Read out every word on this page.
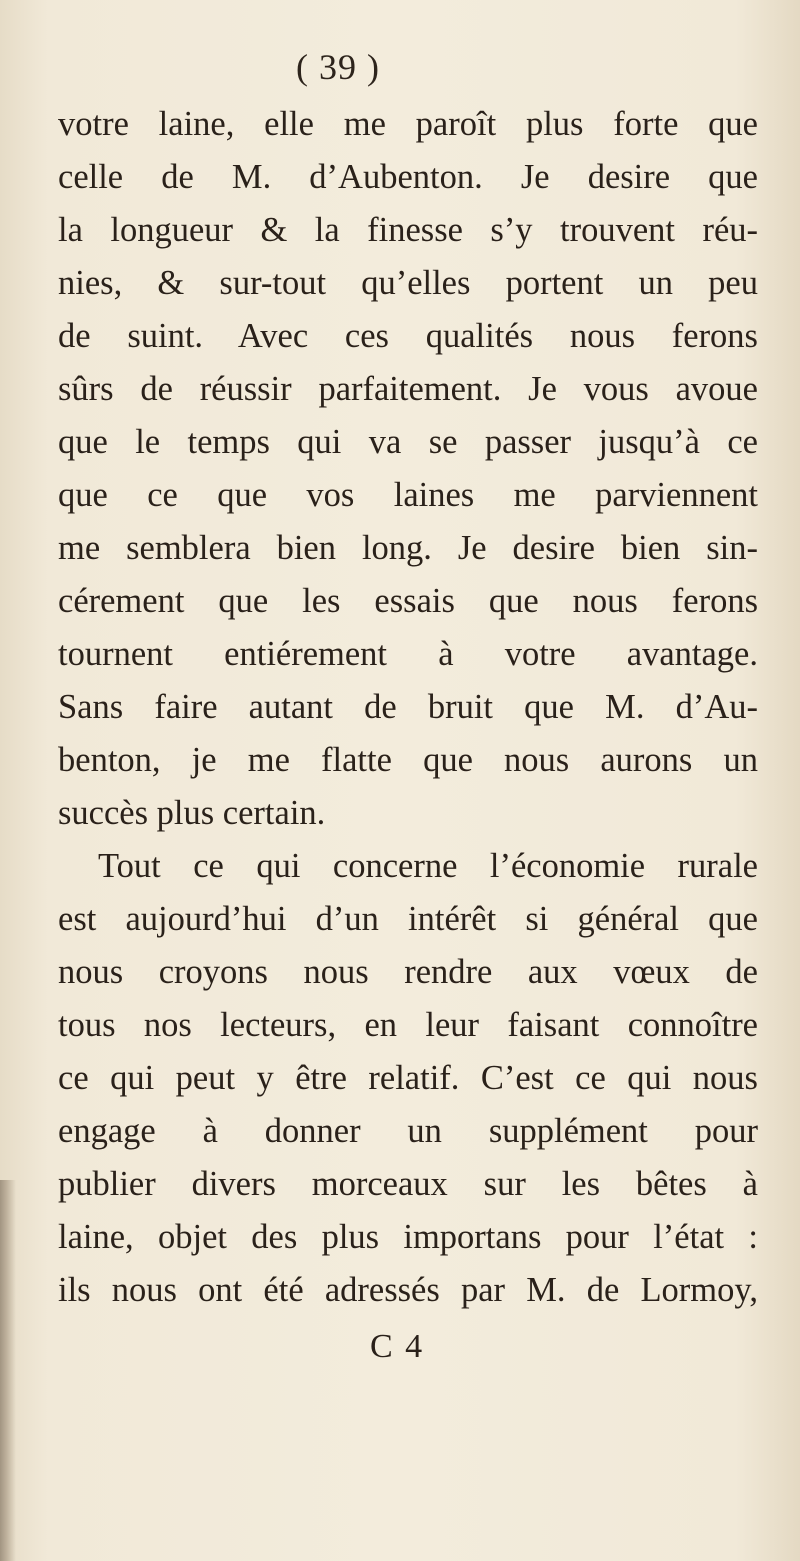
( 39 )
votre laine, elle me paroît plus forte que
celle de M. d’Aubenton. Je desire que
la longueur & la finesse s’y trouvent réu-
nies, & sur-tout qu’elles portent un peu
de suint. Avec ces qualités nous ferons
sûrs de réussir parfaitement. Je vous avoue
que le temps qui va se passer jusqu’à ce
que ce que vos laines me parviennent
me semblera bien long. Je desire bien sin-
cérement que les essais que nous ferons
tournent entiérement à votre avantage.
Sans faire autant de bruit que M. d’Au-
benton, je me flatte que nous aurons un
succès plus certain.
Tout ce qui concerne l’économie rurale
est aujourd’hui d’un intérêt si général que
nous croyons nous rendre aux vœux de
tous nos lecteurs, en leur faisant connoître
ce qui peut y être relatif. C’est ce qui nous
engage à donner un supplément pour
publier divers morceaux sur les bêtes à
laine, objet des plus importans pour l’état :
ils nous ont été adressés par M. de Lormoy,
C 4
